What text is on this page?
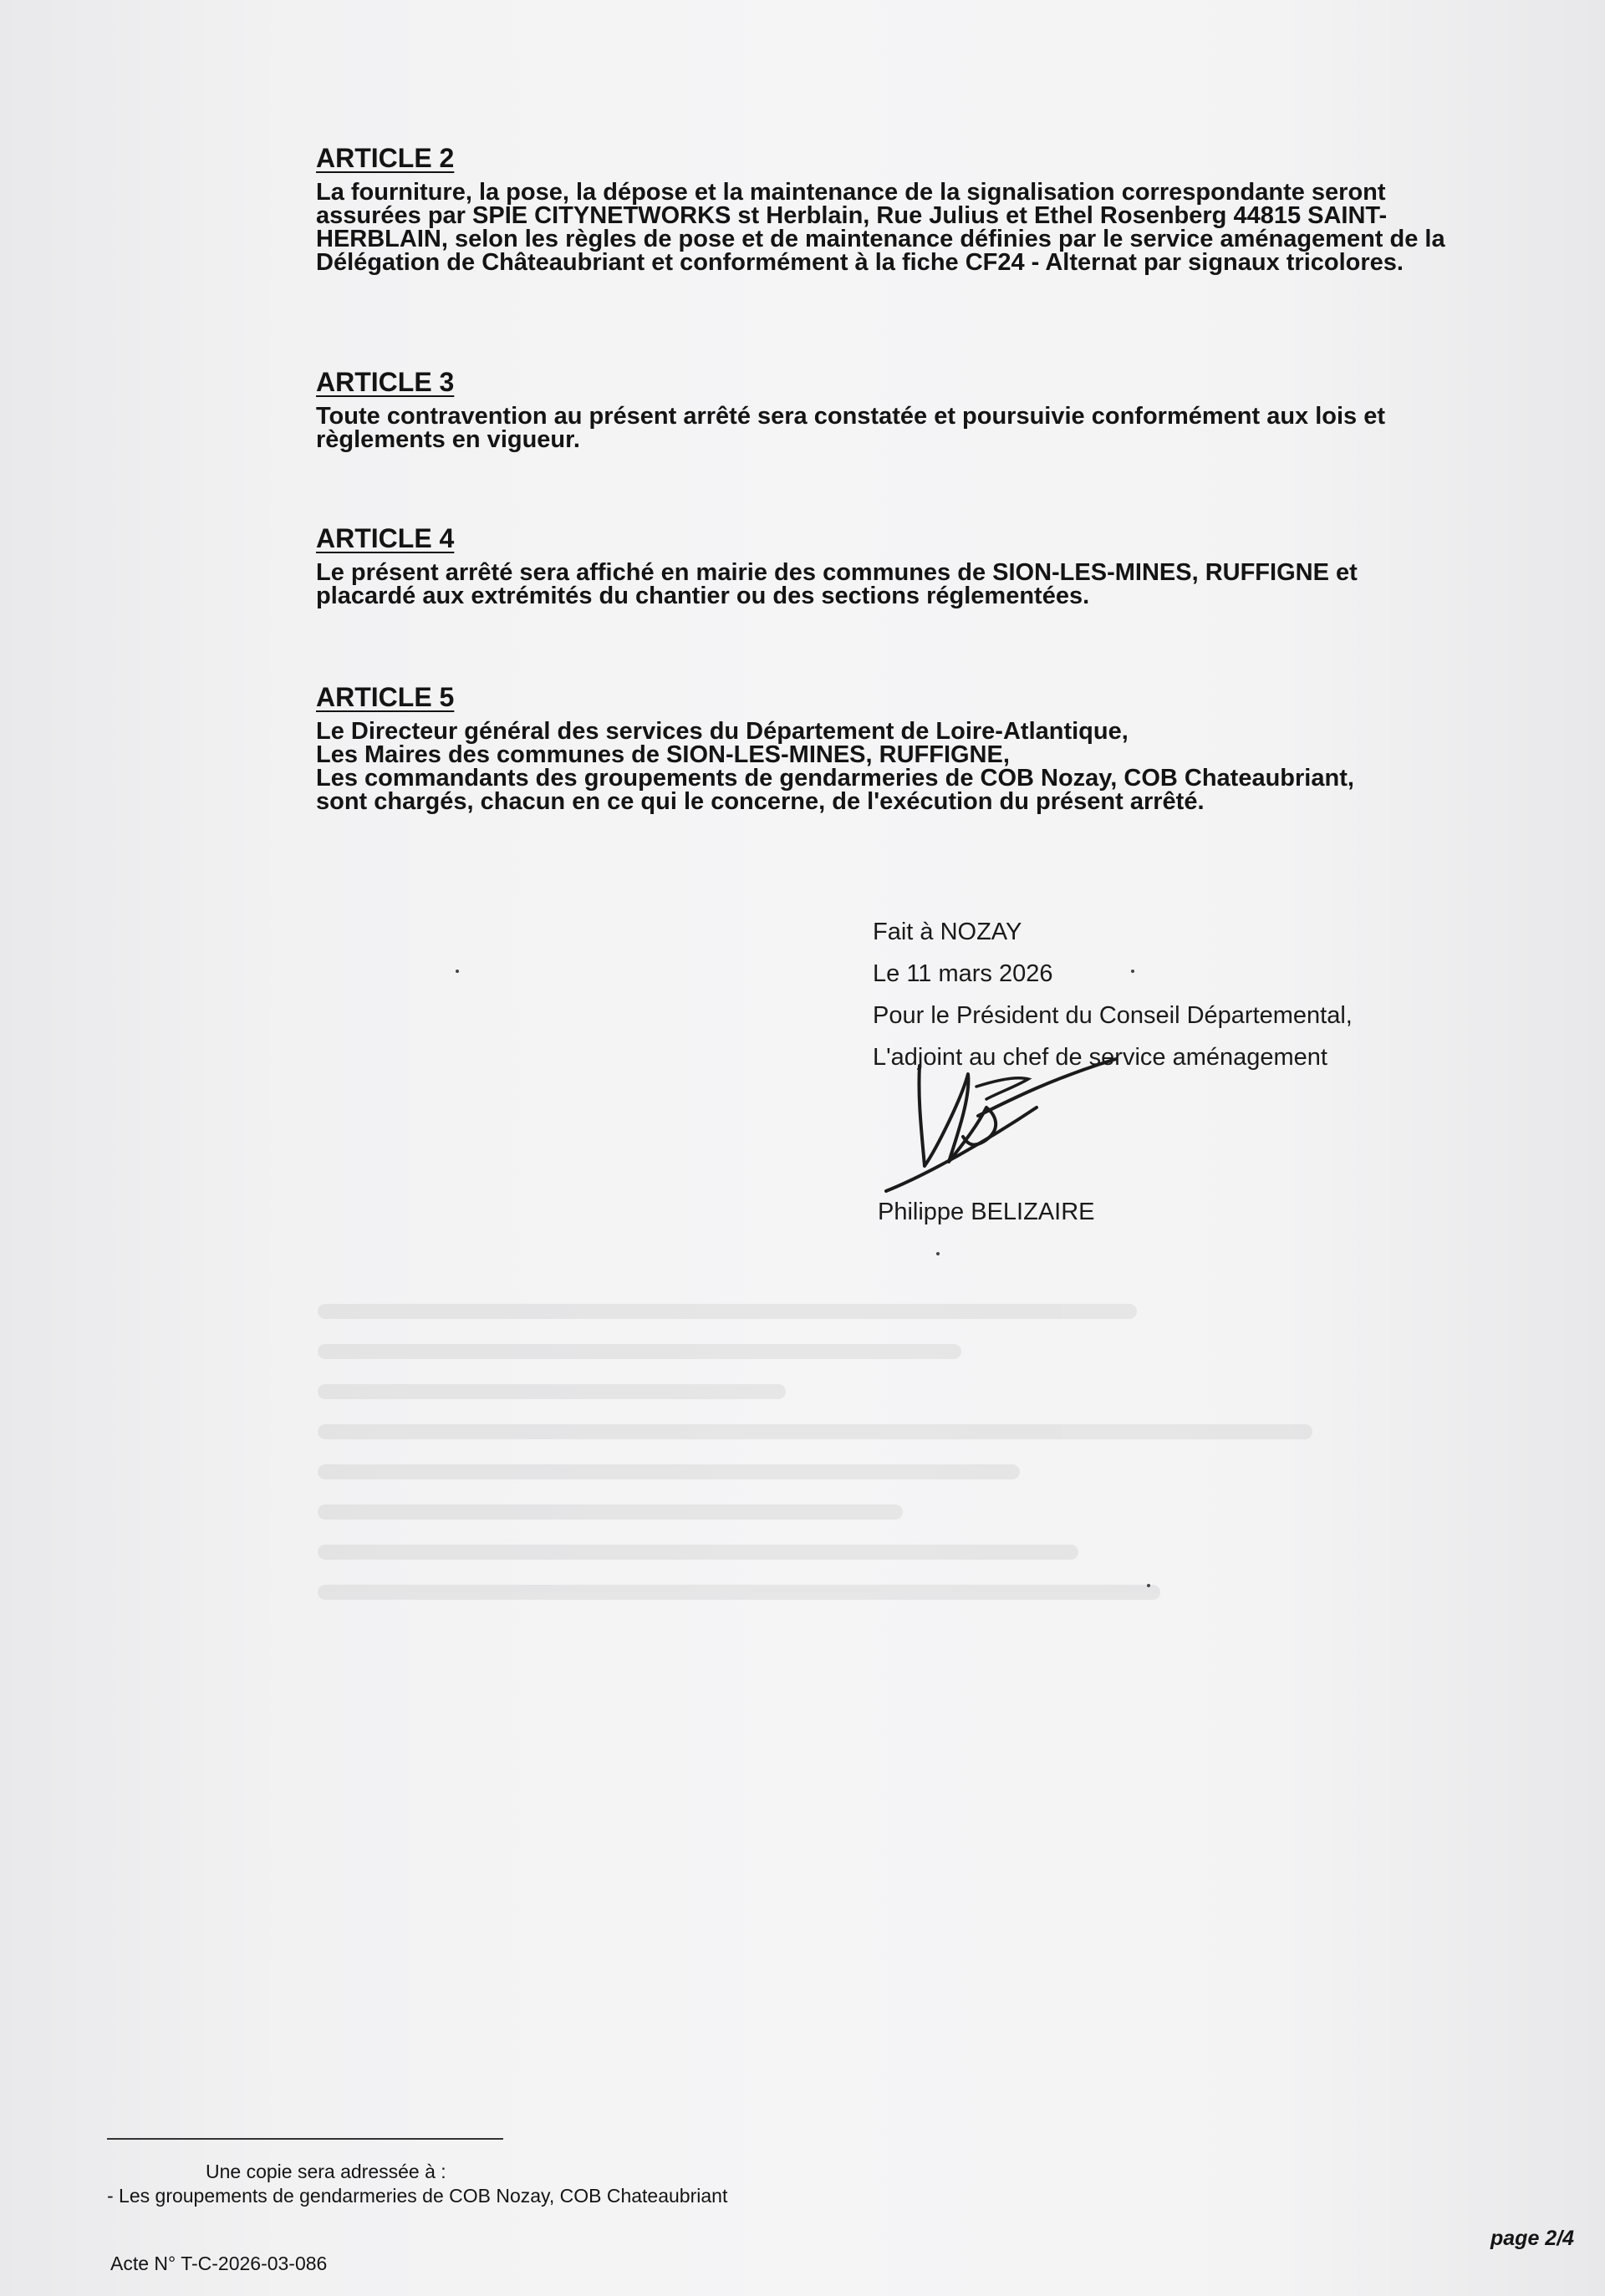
ARTICLE 2

La fourniture, la pose, la dépose et la maintenance de la signalisation correspondante seront
assurées par SPIE CITYNETWORKS st Herblain, Rue Julius et Ethel Rosenberg 44815 SAINT-
HERBLAIN, selon les règles de pose et de maintenance définies par le service aménagement de la
Délégation de Châteaubriant et conformément à la fiche CF24 - Alternat par signaux tricolores.

ARTICLE 3

Toute contravention au présent arrêté sera constatée et poursuivie conformément aux lois et
règlements en vigueur.

ARTICLE 4

Le présent arrêté sera affiché en mairie des communes de SION-LES-MINES, RUFFIGNE et
placardé aux extrémités du chantier ou des sections réglementées.

ARTICLE 5

Le Directeur général des services du Département de Loire-Atlantique,
Les Maires des communes de SION-LES-MINES, RUFFIGNE,
Les commandants des groupements de gendarmeries de COB Nozay, COB Chateaubriant,
sont chargés, chacun en ce qui le concerne, de l'exécution du présent arrêté.

Fait à NOZAY
Le 11 mars 2026
Pour le Président du Conseil Départemental,
L'adjoint au chef de service aménagement
Philippe BELIZAIRE
Une copie sera adressée à :
- Les groupements de gendarmeries de COB Nozay, COB Chateaubriant
Acte N° T-C-2026-03-086
page 2/4
